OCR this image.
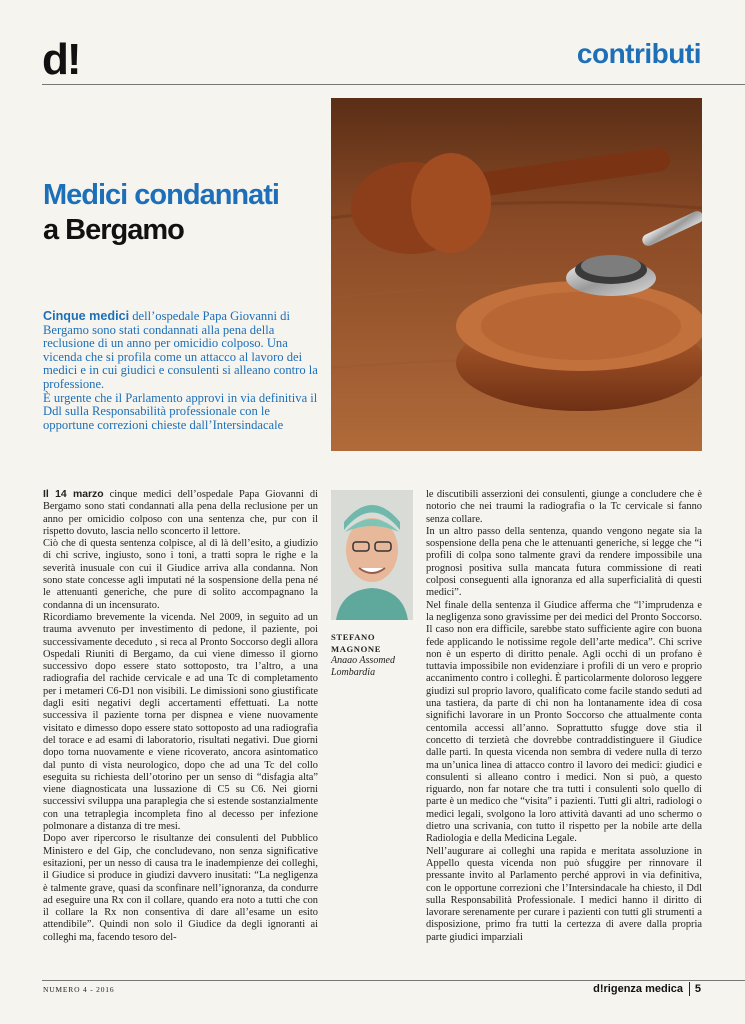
d!	contributi
Medici condannati
a Bergamo

Cinque medici dell’ospedale Papa Giovanni di Bergamo sono stati condannati alla pena della reclusione di un anno per omicidio colposo. Una vicenda che si profila come un attacco al lavoro dei medici e in cui giudici e consulenti si alleano contro la professione.

È urgente che il Parlamento approvi in via definitiva il Ddl sulla Responsabilità professionale con le opportune correzioni chieste dall’Intersindacale

Il 14 marzo cinque medici dell’ospedale Papa Giovanni di Bergamo sono stati condannati alla pena della reclusione per un anno per omicidio colposo con una sentenza che, pur con il rispetto dovuto, lascia nello sconcerto il lettore.

Ciò che di questa sentenza colpisce, al di là dell’esito, a giudizio di chi scrive, ingiusto, sono i toni, a tratti sopra le righe e la severità inusuale con cui il Giudice arriva alla condanna. Non sono state concesse agli imputati né la sospensione della pena né le attenuanti generiche, che pure di solito accompagnano la condanna di un incensurato.

Ricordiamo brevemente la vicenda. Nel 2009, in seguito ad un trauma avvenuto per investimento di pedone, il paziente, poi successivamente deceduto , si reca al Pronto Soccorso degli allora Ospedali Riuniti di Bergamo, da cui viene dimesso il giorno successivo dopo essere stato sottoposto, tra l’altro, a una radiografia del rachide cervicale e ad una Tc di completamento per i metameri C6-D1 non visibili. Le dimissioni sono giustificate dagli esiti negativi degli accertamenti effettuati. La notte successiva il paziente torna per dispnea e viene nuovamente visitato e dimesso dopo essere stato sottoposto ad una radiografia del torace e ad esami di laboratorio, risultati negativi. Due giorni dopo torna nuovamente e viene ricoverato, ancora asintomatico dal punto di vista neurologico, dopo che ad una Tc del collo eseguita su richiesta dell’otorino per un senso di “disfagia alta” viene diagnosticata una lussazione di C5 su C6. Nei giorni successivi sviluppa una paraplegia che si estende sostanzialmente con una tetraplegia incompleta fino al decesso per infezione polmonare a distanza di tre mesi.

Dopo aver ripercorso le risultanze dei consulenti del Pubblico Ministero e del Gip, che concludevano, non senza significative esitazioni, per un nesso di causa tra le inadempienze dei colleghi, il Giudice si produce in giudizi davvero inusitati: “La negligenza è talmente grave, quasi da sconfinare nell’ignoranza, da condurre ad eseguire una Rx con il collare, quando era noto a tutti che con il collare la Rx non consentiva di dare all’esame un esito attendibile”. Quindi non solo il Giudice da degli ignoranti ai colleghi ma, facendo tesoro del-

STEFANO
MAGNONE
Anaao Assomed
Lombardia

le discutibili asserzioni dei consulenti, giunge a concludere che è notorio che nei traumi la radiografia o la Tc cervicale si fanno senza collare.

In un altro passo della sentenza, quando vengono negate sia la sospensione della pena che le attenuanti generiche, si legge che “i profili di colpa sono talmente gravi da rendere impossibile una prognosi positiva sulla mancata futura commissione di reati colposi conseguenti alla ignoranza ed alla superficialità di questi medici”.

Nel finale della sentenza il Giudice afferma che “l’imprudenza e la negligenza sono gravissime per dei medici del Pronto Soccorso. Il caso non era difficile, sarebbe stato sufficiente agire con buona fede applicando le notissime regole dell’arte medica”. Chi scrive non è un esperto di diritto penale. Agli occhi di un profano è tuttavia impossibile non evidenziare i profili di un vero e proprio accanimento contro i colleghi. È particolarmente doloroso leggere giudizi sul proprio lavoro, qualificato come facile stando seduti ad una tastiera, da parte di chi non ha lontanamente idea di cosa significhi lavorare in un Pronto Soccorso che attualmente conta centomila accessi all’anno. Soprattutto sfugge dove stia il concetto di terzietà che dovrebbe contraddistinguere il Giudice dalle parti. In questa vicenda non sembra di vedere nulla di terzo ma un’unica linea di attacco contro il lavoro dei medici: giudici e consulenti si alleano contro i medici. Non si può, a questo riguardo, non far notare che tra tutti i consulenti solo quello di parte è un medico che “visita” i pazienti. Tutti gli altri, radiologi o medici legali, svolgono la loro attività davanti ad uno schermo o dietro una scrivania, con tutto il rispetto per la nobile arte della Radiologia e della Medicina Legale.

Nell’augurare ai colleghi una rapida e meritata assoluzione in Appello questa vicenda non può sfuggire per rinnovare il pressante invito al Parlamento perché approvi in via definitiva, con le opportune correzioni che l’Intersindacale ha chiesto, il Ddl sulla Responsabilità Professionale. I medici hanno il diritto di lavorare serenamente per curare i pazienti con tutti gli strumenti a disposizione, primo fra tutti la certezza di avere dalla propria parte giudici imparziali

NUMERO 4 - 2016	d!rigenza medica 5
